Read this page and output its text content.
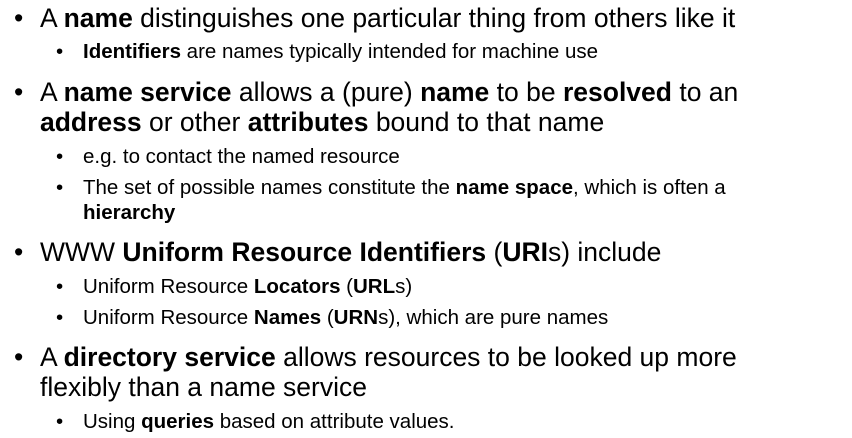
• A name distinguishes one particular thing from others like it
• Identifiers are names typically intended for machine use
• A name service allows a (pure) name to be resolved to an
address or other attributes bound to that name
• e.g. to contact the named resource
• The set of possible names constitute the name space, which is often a
hierarchy
• WWW Uniform Resource Identifiers (URIs) include
• Uniform Resource Locators (URLs)
• Uniform Resource Names (URNs), which are pure names
• A directory service allows resources to be looked up more
flexibly than a name service
• Using queries based on attribute values.
